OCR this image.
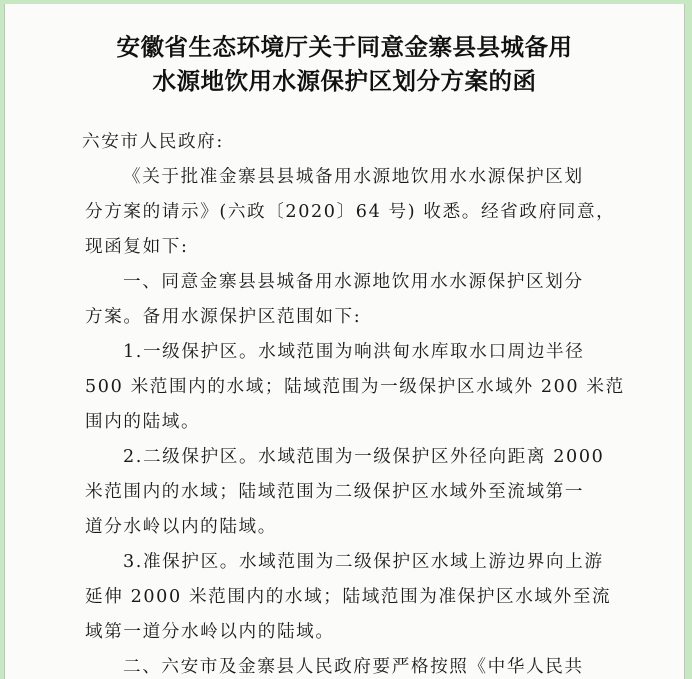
安徽省生态环境厅关于同意金寨县县城备用
水源地饮用水源保护区划分方案的函
六安市人民政府:
《关于批准金寨县县城备用水源地饮用水水源保护区划
分方案的请示》(六政〔2020〕64 号) 收悉。经省政府同意，
现函复如下:
一、同意金寨县县城备用水源地饮用水水源保护区划分
方案。备用水源保护区范围如下:
1.一级保护区。水域范围为响洪甸水库取水口周边半径
500 米范围内的水域；陆域范围为一级保护区水域外 200 米范
围内的陆域。
2.二级保护区。水域范围为一级保护区外径向距离 2000
米范围内的水域；陆域范围为二级保护区水域外至流域第一
道分水岭以内的陆域。
3.准保护区。水域范围为二级保护区水域上游边界向上游
延伸 2000 米范围内的水域；陆域范围为准保护区水域外至流
域第一道分水岭以内的陆域。
二、六安市及金寨县人民政府要严格按照《中华人民共
